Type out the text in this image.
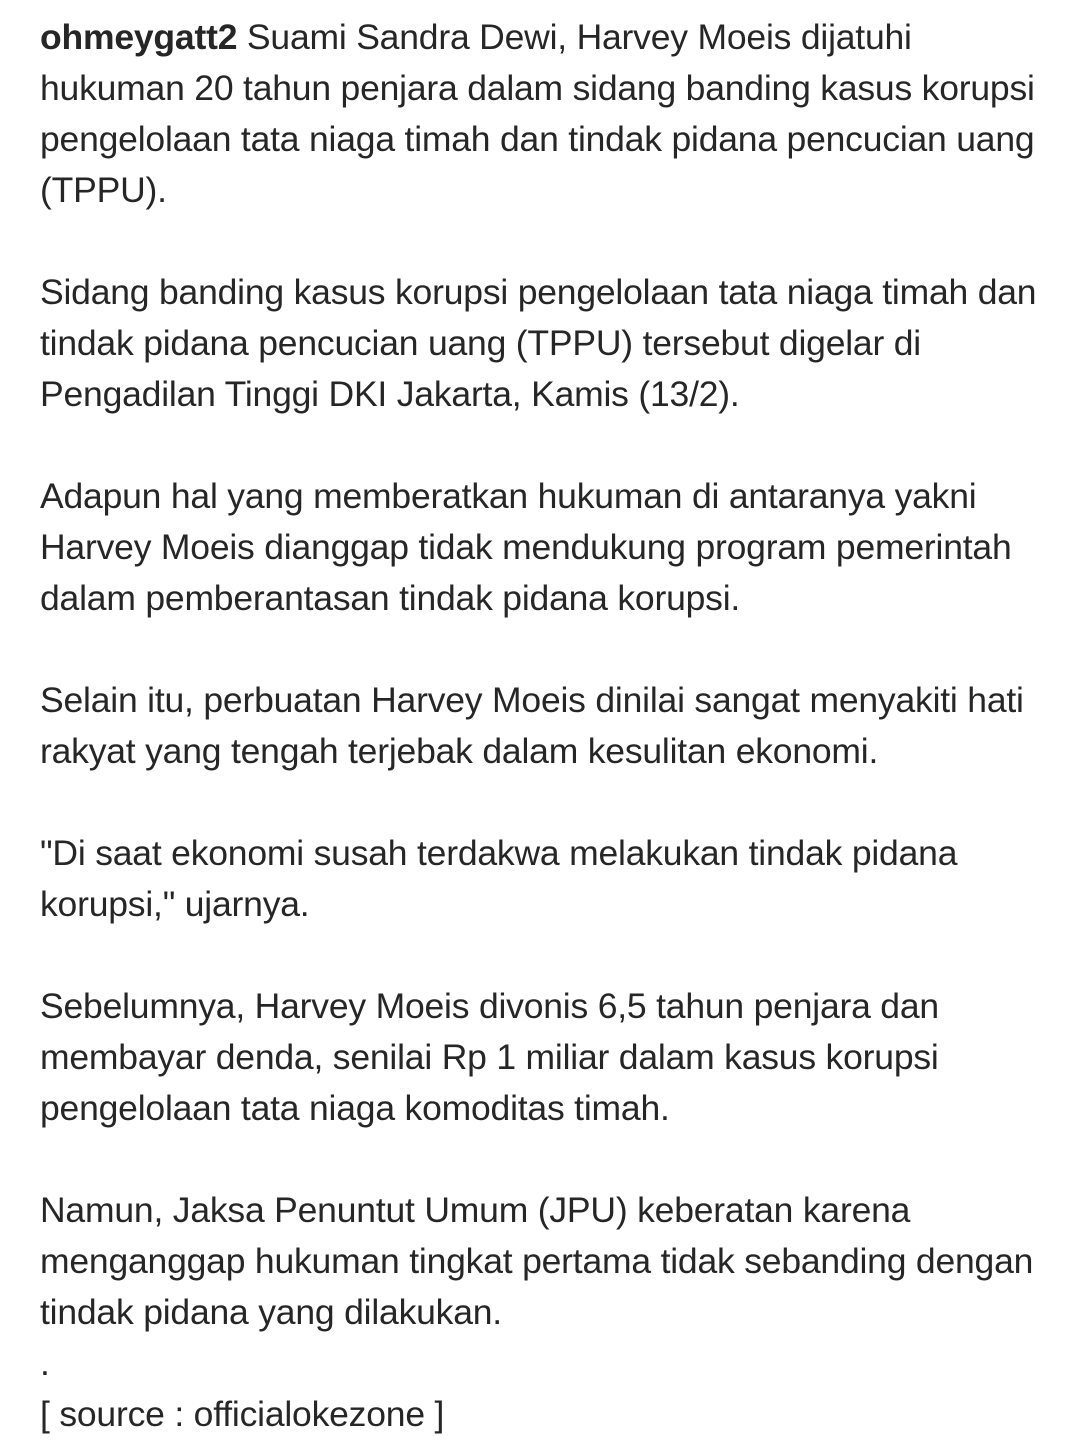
ohmeygatt2 Suami Sandra Dewi, Harvey Moeis dijatuhi hukuman 20 tahun penjara dalam sidang banding kasus korupsi pengelolaan tata niaga timah dan tindak pidana pencucian uang (TPPU).

Sidang banding kasus korupsi pengelolaan tata niaga timah dan tindak pidana pencucian uang (TPPU) tersebut digelar di Pengadilan Tinggi DKI Jakarta, Kamis (13/2).

Adapun hal yang memberatkan hukuman di antaranya yakni Harvey Moeis dianggap tidak mendukung program pemerintah dalam pemberantasan tindak pidana korupsi.

Selain itu, perbuatan Harvey Moeis dinilai sangat menyakiti hati rakyat yang tengah terjebak dalam kesulitan ekonomi.

"Di saat ekonomi susah terdakwa melakukan tindak pidana korupsi," ujarnya.

Sebelumnya, Harvey Moeis divonis 6,5 tahun penjara dan membayar denda, senilai Rp 1 miliar dalam kasus korupsi pengelolaan tata niaga komoditas timah.

Namun, Jaksa Penuntut Umum (JPU) keberatan karena menganggap hukuman tingkat pertama tidak sebanding dengan tindak pidana yang dilakukan.

.

[ source : officialokezone ]
